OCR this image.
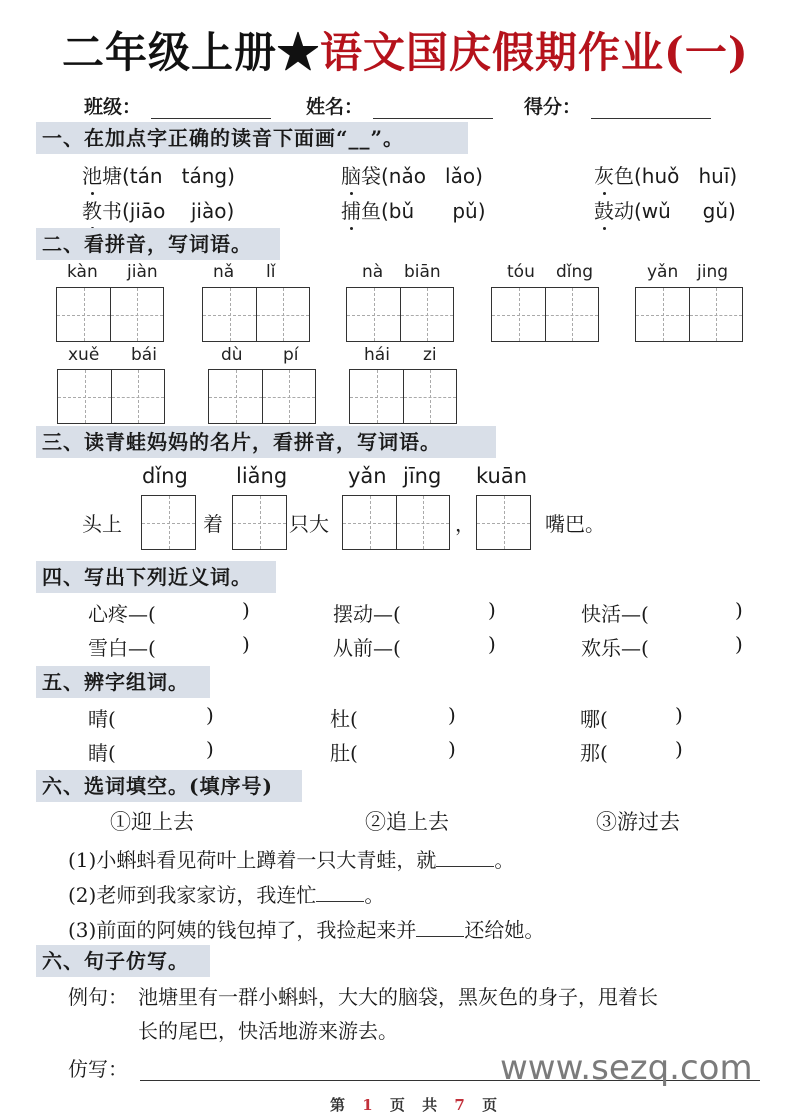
二年级上册★语文国庆假期作业(一)
班级：	姓名：	得分：
一、在加点字正确的读音下面画“__”。
池塘(tán   táng)	脑袋(nǎo   lǎo)	灰色(huǒ   huī)
教书(jiāo    jiào)	捕鱼(bǔ      pǔ)	鼓动(wǔ     gǔ)
二、看拼音，写词语。
kàn jiàn	nǎ lǐ	nà biān	tóu dǐng	yǎn jing
xuě bái	dù pí	hái zi
三、读青蛙妈妈的名片，看拼音，写词语。
dǐng liǎng	yǎn jīng kuān
头上	着	只大	，	嘴巴。
四、写出下列近义词。
心疼—(	)	摆动—(	)	快活—(	)
雪白—(	)	从前—(	)	欢乐—(	)
五、辨字组词。
晴(	)	杜(	)	哪(	)
睛(	)	肚(	)	那(	)
六、选词填空。(填序号)
①迎上去	②追上去	③游过去
(1)小蝌蚪看见荷叶上蹲着一只大青蛙，就	。
(2)老师到我家家访，我连忙 。
(3)前面的阿姨的钱包掉了，我捡起来并 还给她。
六、句子仿写。
例句： 池塘里有一群小蝌蚪，大大的脑袋，黑灰色的身子，甩着长
长的尾巴，快活地游来游去。
仿写：	www.sezq.com
第 1 页 共 7 页
